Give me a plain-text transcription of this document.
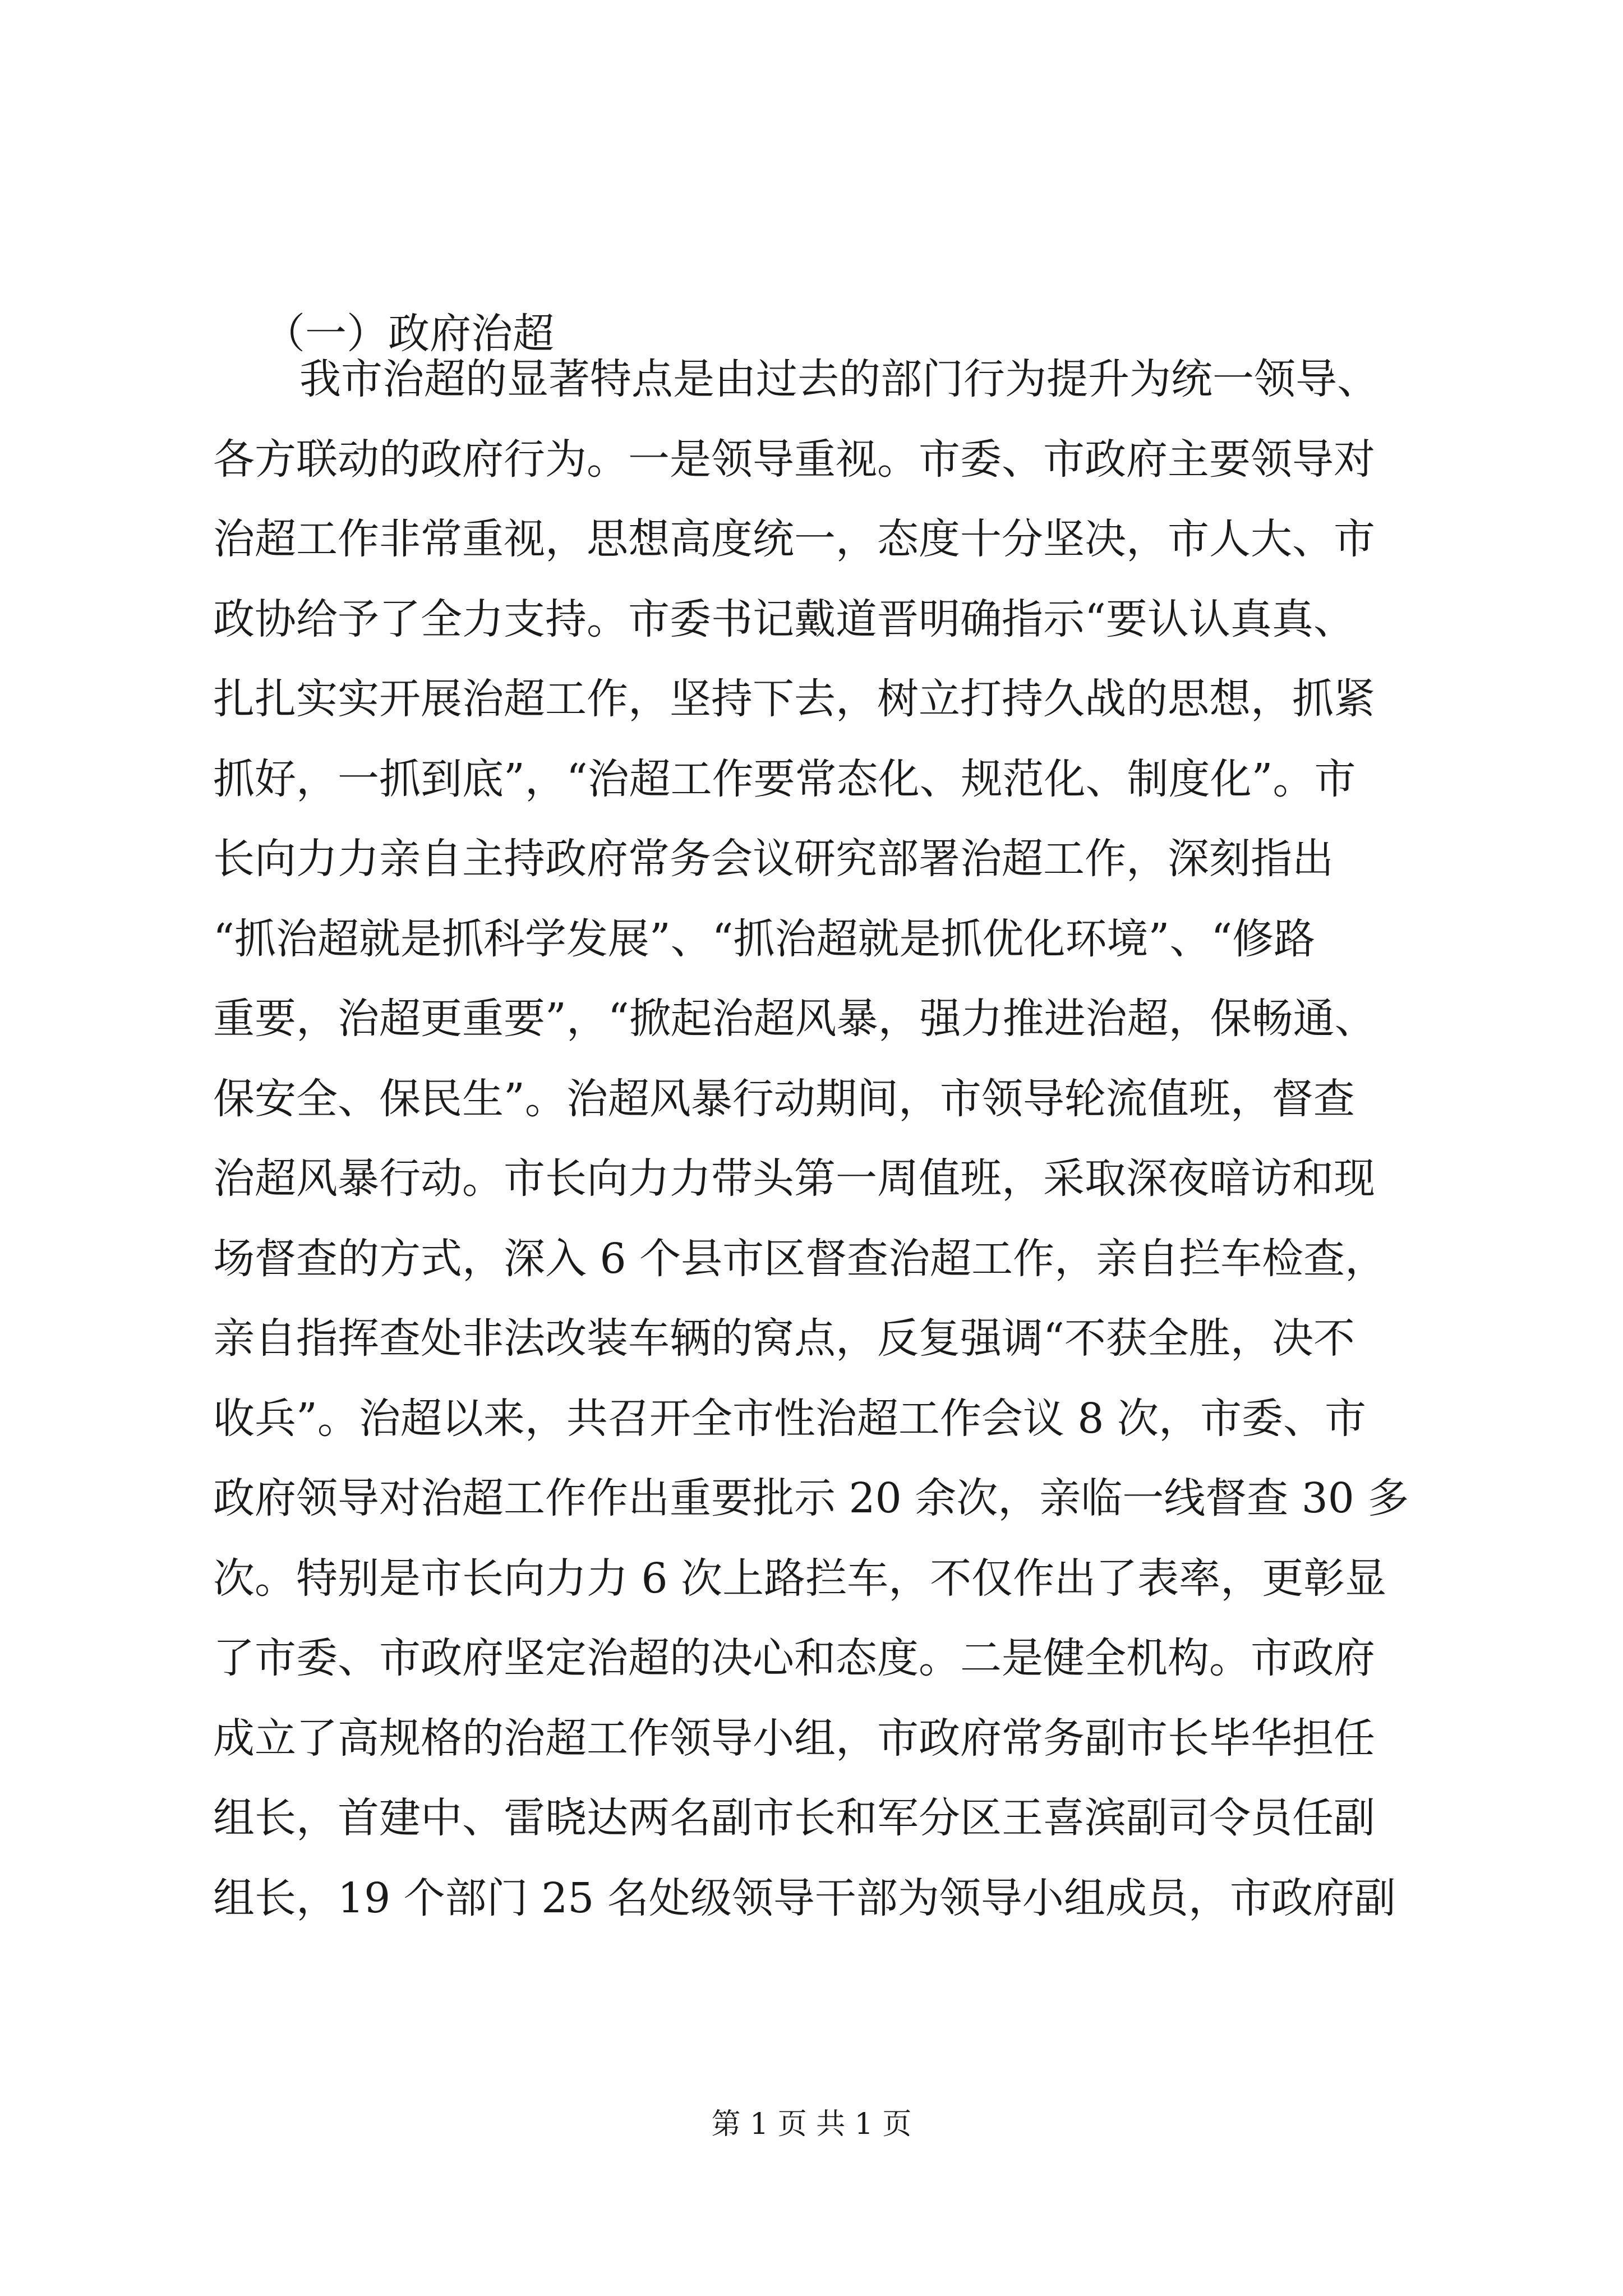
（一）政府治超
我市治超的显著特点是由过去的部门行为提升为统一领导、
各方联动的政府行为。一是领导重视。市委、市政府主要领导对
治超工作非常重视，思想高度统一，态度十分坚决，市人大、市
政协给予了全力支持。市委书记戴道晋明确指示“要认认真真、
扎扎实实开展治超工作，坚持下去，树立打持久战的思想，抓紧
抓好，一抓到底”，“治超工作要常态化、规范化、制度化”。市
长向力力亲自主持政府常务会议研究部署治超工作，深刻指出
“抓治超就是抓科学发展”、“抓治超就是抓优化环境”、“修路
重要，治超更重要”，“掀起治超风暴，强力推进治超，保畅通、
保安全、保民生”。治超风暴行动期间，市领导轮流值班，督查
治超风暴行动。市长向力力带头第一周值班，采取深夜暗访和现
场督查的方式，深入 6 个县市区督查治超工作，亲自拦车检查，
亲自指挥查处非法改装车辆的窝点，反复强调“不获全胜，决不
收兵”。治超以来，共召开全市性治超工作会议 8 次，市委、市
政府领导对治超工作作出重要批示 20 余次，亲临一线督查 30 多
次。特别是市长向力力 6 次上路拦车，不仅作出了表率，更彰显
了市委、市政府坚定治超的决心和态度。二是健全机构。市政府
成立了高规格的治超工作领导小组，市政府常务副市长毕华担任
组长，首建中、雷晓达两名副市长和军分区王喜滨副司令员任副
组长，19 个部门 25 名处级领导干部为领导小组成员，市政府副
第 1 页 共 1 页
